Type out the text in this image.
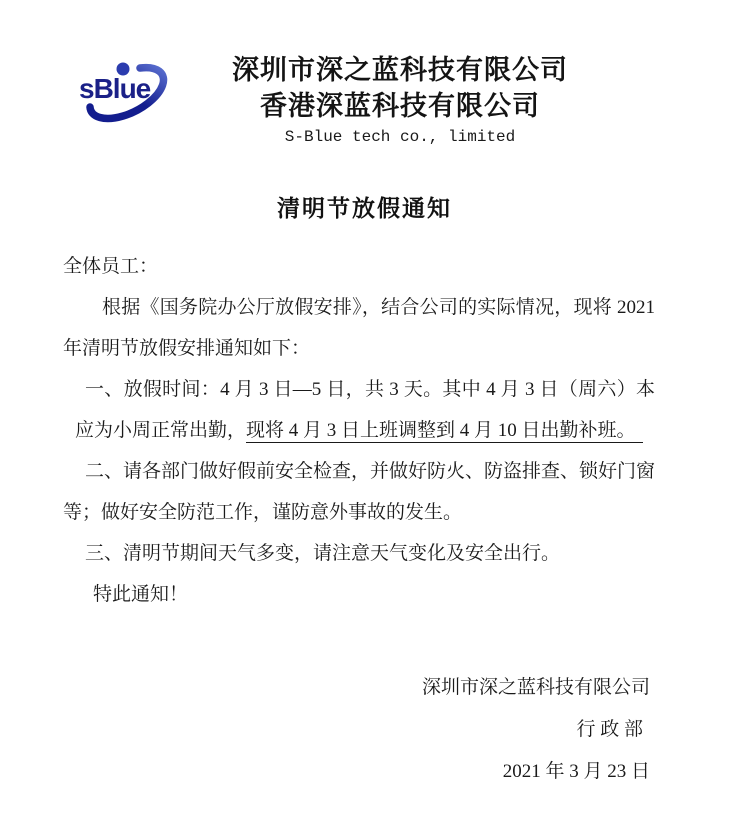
sBlue
深圳市深之蓝科技有限公司
香港深蓝科技有限公司
S-Blue tech co., limited
清明节放假通知
全体员工：
根据《国务院办公厅放假安排》，结合公司的实际情况，现将 2021
年清明节放假安排通知如下：
一、放假时间：4 月 3 日—5 日，共 3 天。其中 4 月 3 日（周六）本
应为小周正常出勤，现将 4 月 3 日上班调整到 4 月 10 日出勤补班。
二、请各部门做好假前安全检查，并做好防火、防盗排查、锁好门窗
等；做好安全防范工作，谨防意外事故的发生。
三、清明节期间天气多变，请注意天气变化及安全出行。
特此通知！
深圳市深之蓝科技有限公司
行 政 部
2021 年 3 月 23 日
